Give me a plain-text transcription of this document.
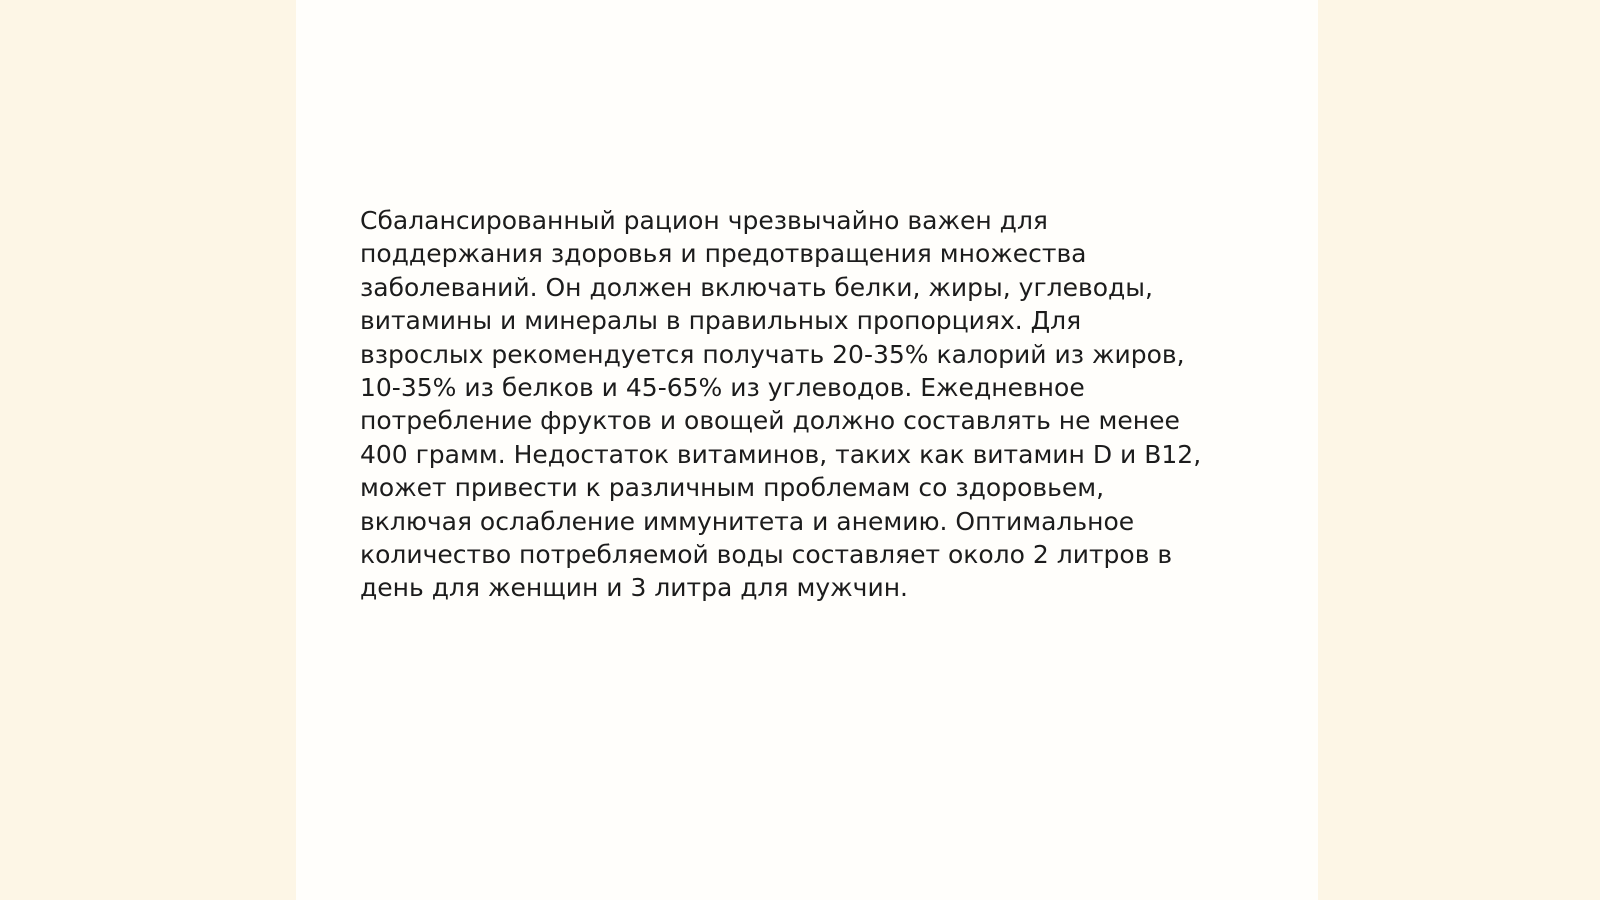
Сбалансированный рацион чрезвычайно важен для
поддержания здоровья и предотвращения множества
заболеваний. Он должен включать белки, жиры, углеводы,
витамины и минералы в правильных пропорциях. Для
взрослых рекомендуется получать 20-35% калорий из жиров,
10-35% из белков и 45-65% из углеводов. Ежедневное
потребление фруктов и овощей должно составлять не менее
400 грамм. Недостаток витаминов, таких как витамин D и B12,
может привести к различным проблемам со здоровьем,
включая ослабление иммунитета и анемию. Оптимальное
количество потребляемой воды составляет около 2 литров в
день для женщин и 3 литра для мужчин.
